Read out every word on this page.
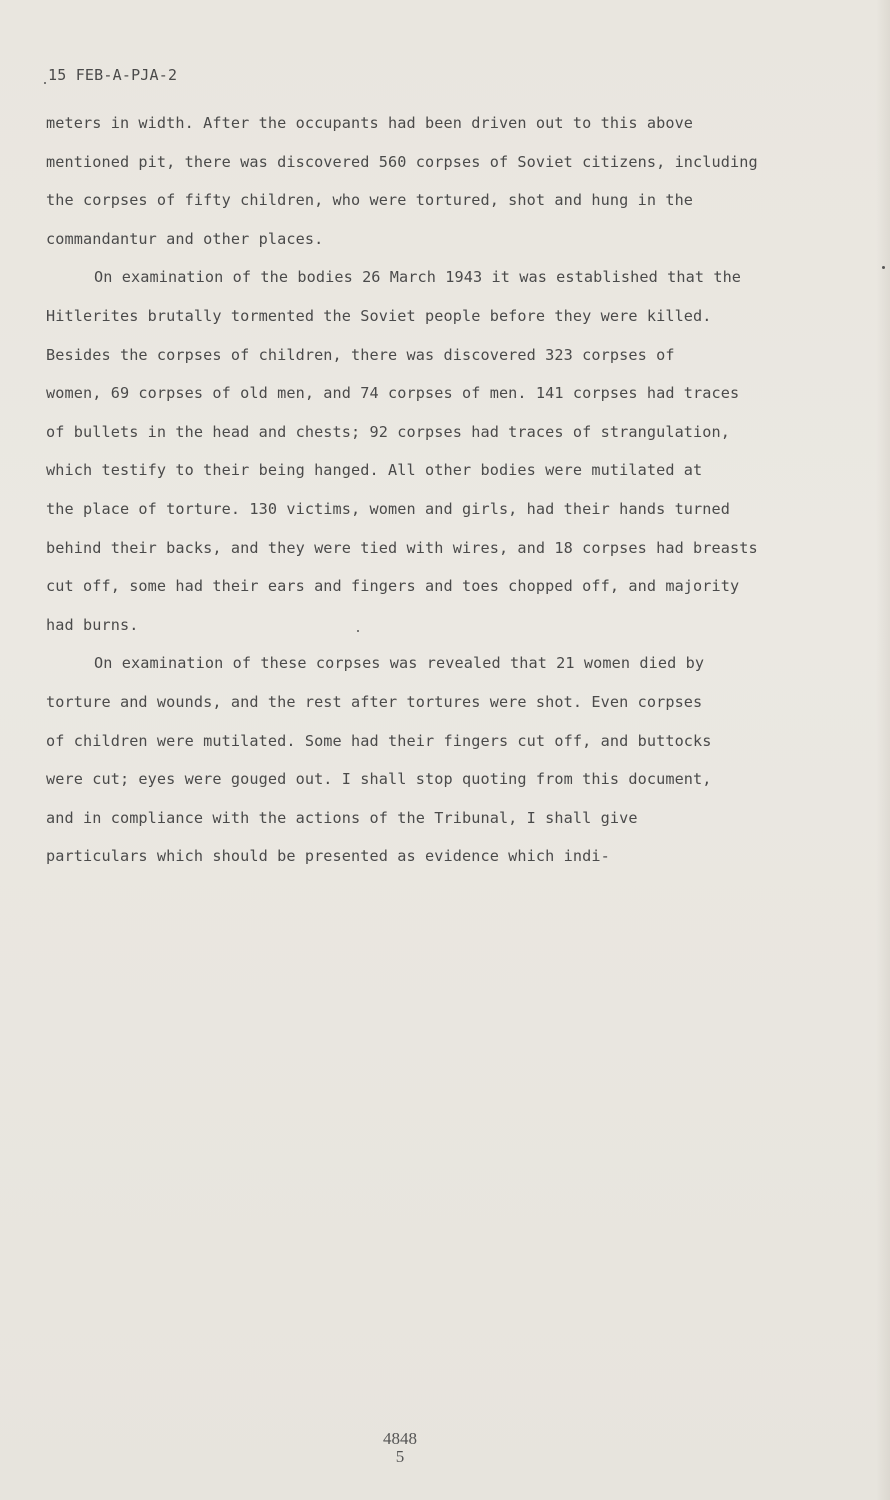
15 FEB-A-PJA-2
meters in width. After the occupants had been driven out to this above
mentioned pit, there was discovered 560 corpses of Soviet citizens, including
the corpses of fifty children, who were tortured, shot and hung in the
commandantur and other places.
On examination of the bodies 26 March 1943 it was established that the
Hitlerites brutally tormented the Soviet people before they were killed.
Besides the corpses of children, there was discovered 323 corpses of
women, 69 corpses of old men, and 74 corpses of men. 141 corpses had traces
of bullets in the head and chests; 92 corpses had traces of strangulation,
which testify to their being hanged. All other bodies were mutilated at
the place of torture. 130 victims, women and girls, had their hands turned
behind their backs, and they were tied with wires, and 18 corpses had breasts
cut off, some had their ears and fingers and toes chopped off, and majority
had burns.
On examination of these corpses was revealed that 21 women died by
torture and wounds, and the rest after tortures were shot. Even corpses
of children were mutilated. Some had their fingers cut off, and buttocks
were cut; eyes were gouged out. I shall stop quoting from this document,
and in compliance with the actions of the Tribunal, I shall give
particulars which should be presented as evidence which indi-
4848
5
